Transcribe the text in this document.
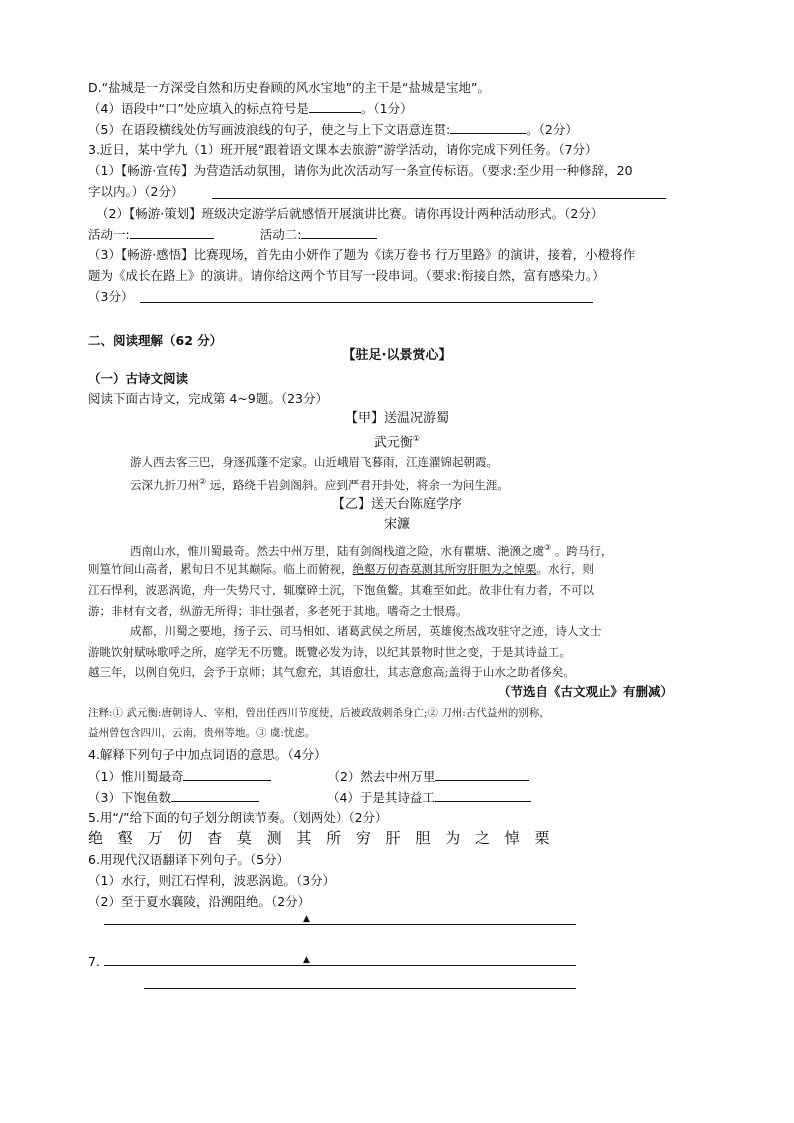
D.“盐城是一方深受自然和历史眷顾的风水宝地”的主干是“盐城是宝地”。
（4）语段中“口”处应填入的标点符号是	。（1分）
（5）在语段横线处仿写画波浪线的句子，使之与上下文语意连贯:	。（2分）
3.近日，某中学九（1）班开展“跟着语文课本去旅游”游学活动，请你完成下列任务。（7分）
（1）【畅游·宣传】为营造活动氛围，请你为此次活动写一条宣传标语。（要求:至少用一种修辞，20
字以内。）（2分）
（2）【畅游·策划】班级决定游学后就感悟开展演讲比赛。请你再设计两种活动形式。（2分）
活动一:	活动二:
（3）【畅游·感悟】比赛现场，首先由小妍作了题为《读万卷书 行万里路》的演讲，接着，小橙将作
题为《成长在路上》的演讲。请你给这两个节目写一段串词。（要求:衔接自然，富有感染力。）
（3分）
二、阅读理解（62 分）
【驻足·以景赏心】
（一）古诗文阅读
阅读下面古诗文，完成第 4~9题。（23分）
【甲】送温况游蜀
武元衡①
游人西去客三巴，身逐孤蓬不定家。山近峨眉飞暮雨，江连濯锦起朝霞。
云深九折刀州② 远，路绕千岩剑阁斜。应到严君开卦处，将余一为问生涯。
【乙】送天台陈庭学序
宋濂
西南山水，惟川蜀最奇。然去中州万里，陆有剑阁栈道之险，水有瞿塘、滟滪之虞③ 。跨马行，
则篁竹间山高者，累旬日不见其巅际。临上而俯视，绝壑万仞杳莫测其所穷肝胆为之悼栗。水行，则
江石悍利，波恶涡诡，舟一失势尺寸，辄糜碎土沉，下饱鱼鳖。其难至如此。故非仕有力者，不可以
游；非材有文者，纵游无所得；非壮强者，多老死于其地。嗜奇之士恨焉。
成都，川蜀之要地，扬子云、司马相如、诸葛武侯之所居，英雄俊杰战攻驻守之迹，诗人文士
游眺饮射赋咏歌呼之所，庭学无不历覽。既覽必发为诗，以纪其景物时世之变，于是其诗益工。
越三年，以例自免归，会予于京师；其气愈充，其语愈壮，其志意愈高;盖得于山水之助者侈矣。
（节选自《古文观止》有删减）
注释:① 武元衡:唐朝诗人、宰相，曾出任西川节度使，后被政敌刺杀身亡;② 刀州:古代益州的别称，
益州曾包含四川，云南，贵州等地。③ 虞:忧虑。
4.解释下列句子中加点词语的意思。（4分）
（1）惟川蜀最奇	（2）然去中州万里
（3）下饱鱼数	（4）于是其诗益工
5.用“/”给下面的句子划分朗读节奏。（划两处）（2分）
绝 壑 万 仞 杳 莫 测 其 所 穷 肝 胆 为 之 悼 栗
6.用现代汉语翻译下列句子。（5分）
（1）水行，则江石悍利，波恶涡诡。（3分）
（2）至于夏水襄陵，沿溯阻绝。（2分）
▲
7.	▲
